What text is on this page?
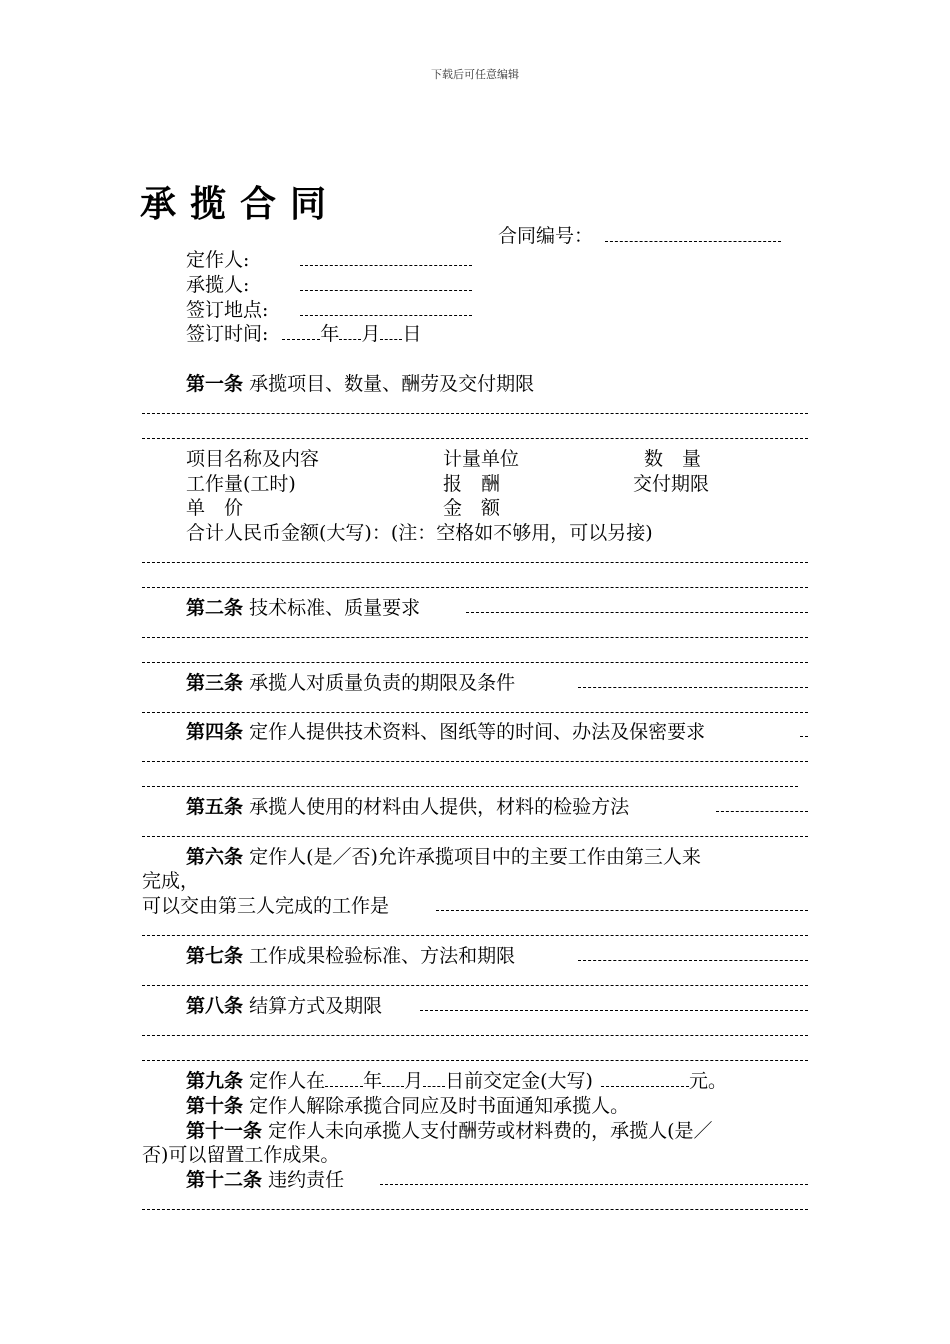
下载后可任意编辑
承揽合同
合同编号：
定作人:
承揽人:
签订地点:
签订时间:	年 月 日
第一条 承揽项目、数量、酬劳及交付期限
项目名称及内容	计量单位	数　量
工作量(工时)	报　酬	交付期限
单　价	金　额
合计人民币金额(大写)：(注：空格如不够用，可以另接)
第二条 技术标准、质量要求
第三条 承揽人对质量负责的期限及条件
第四条 定作人提供技术资料、图纸等的时间、办法及保密要求
第五条 承揽人使用的材料由人提供，材料的检验方法
第六条 定作人(是／否)允许承揽项目中的主要工作由第三人来
完成，
可以交由第三人完成的工作是
第七条 工作成果检验标准、方法和期限
第八条 结算方式及期限
第九条 定作人在 年 月 日前交定金(大写)	元。
第十条 定作人解除承揽合同应及时书面通知承揽人。
第十一条 定作人未向承揽人支付酬劳或材料费的，承揽人(是／
否)可以留置工作成果。
第十二条 违约责任
